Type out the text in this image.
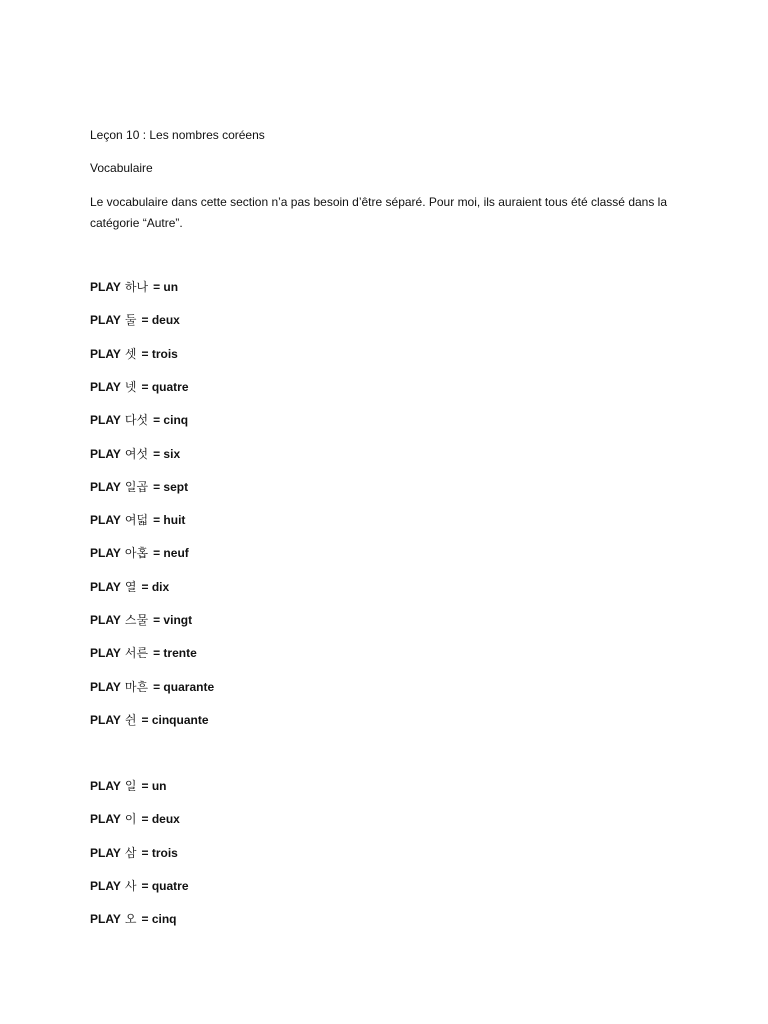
Leçon 10 : Les nombres coréens
Vocabulaire
Le vocabulaire dans cette section n’a pas besoin d’être séparé. Pour moi, ils auraient tous été classé dans la catégorie “Autre”.
PLAY 하나 = un
PLAY 둘 = deux
PLAY 셋 = trois
PLAY 넷 = quatre
PLAY 다섯 = cinq
PLAY 여섯 = six
PLAY 일곱 = sept
PLAY 여덟 = huit
PLAY 아홉 = neuf
PLAY 열 = dix
PLAY 스물 = vingt
PLAY 서른 = trente
PLAY 마흔 = quarante
PLAY 쉰 = cinquante
PLAY 일 = un
PLAY 이 = deux
PLAY 삼 = trois
PLAY 사 = quatre
PLAY 오 = cinq
